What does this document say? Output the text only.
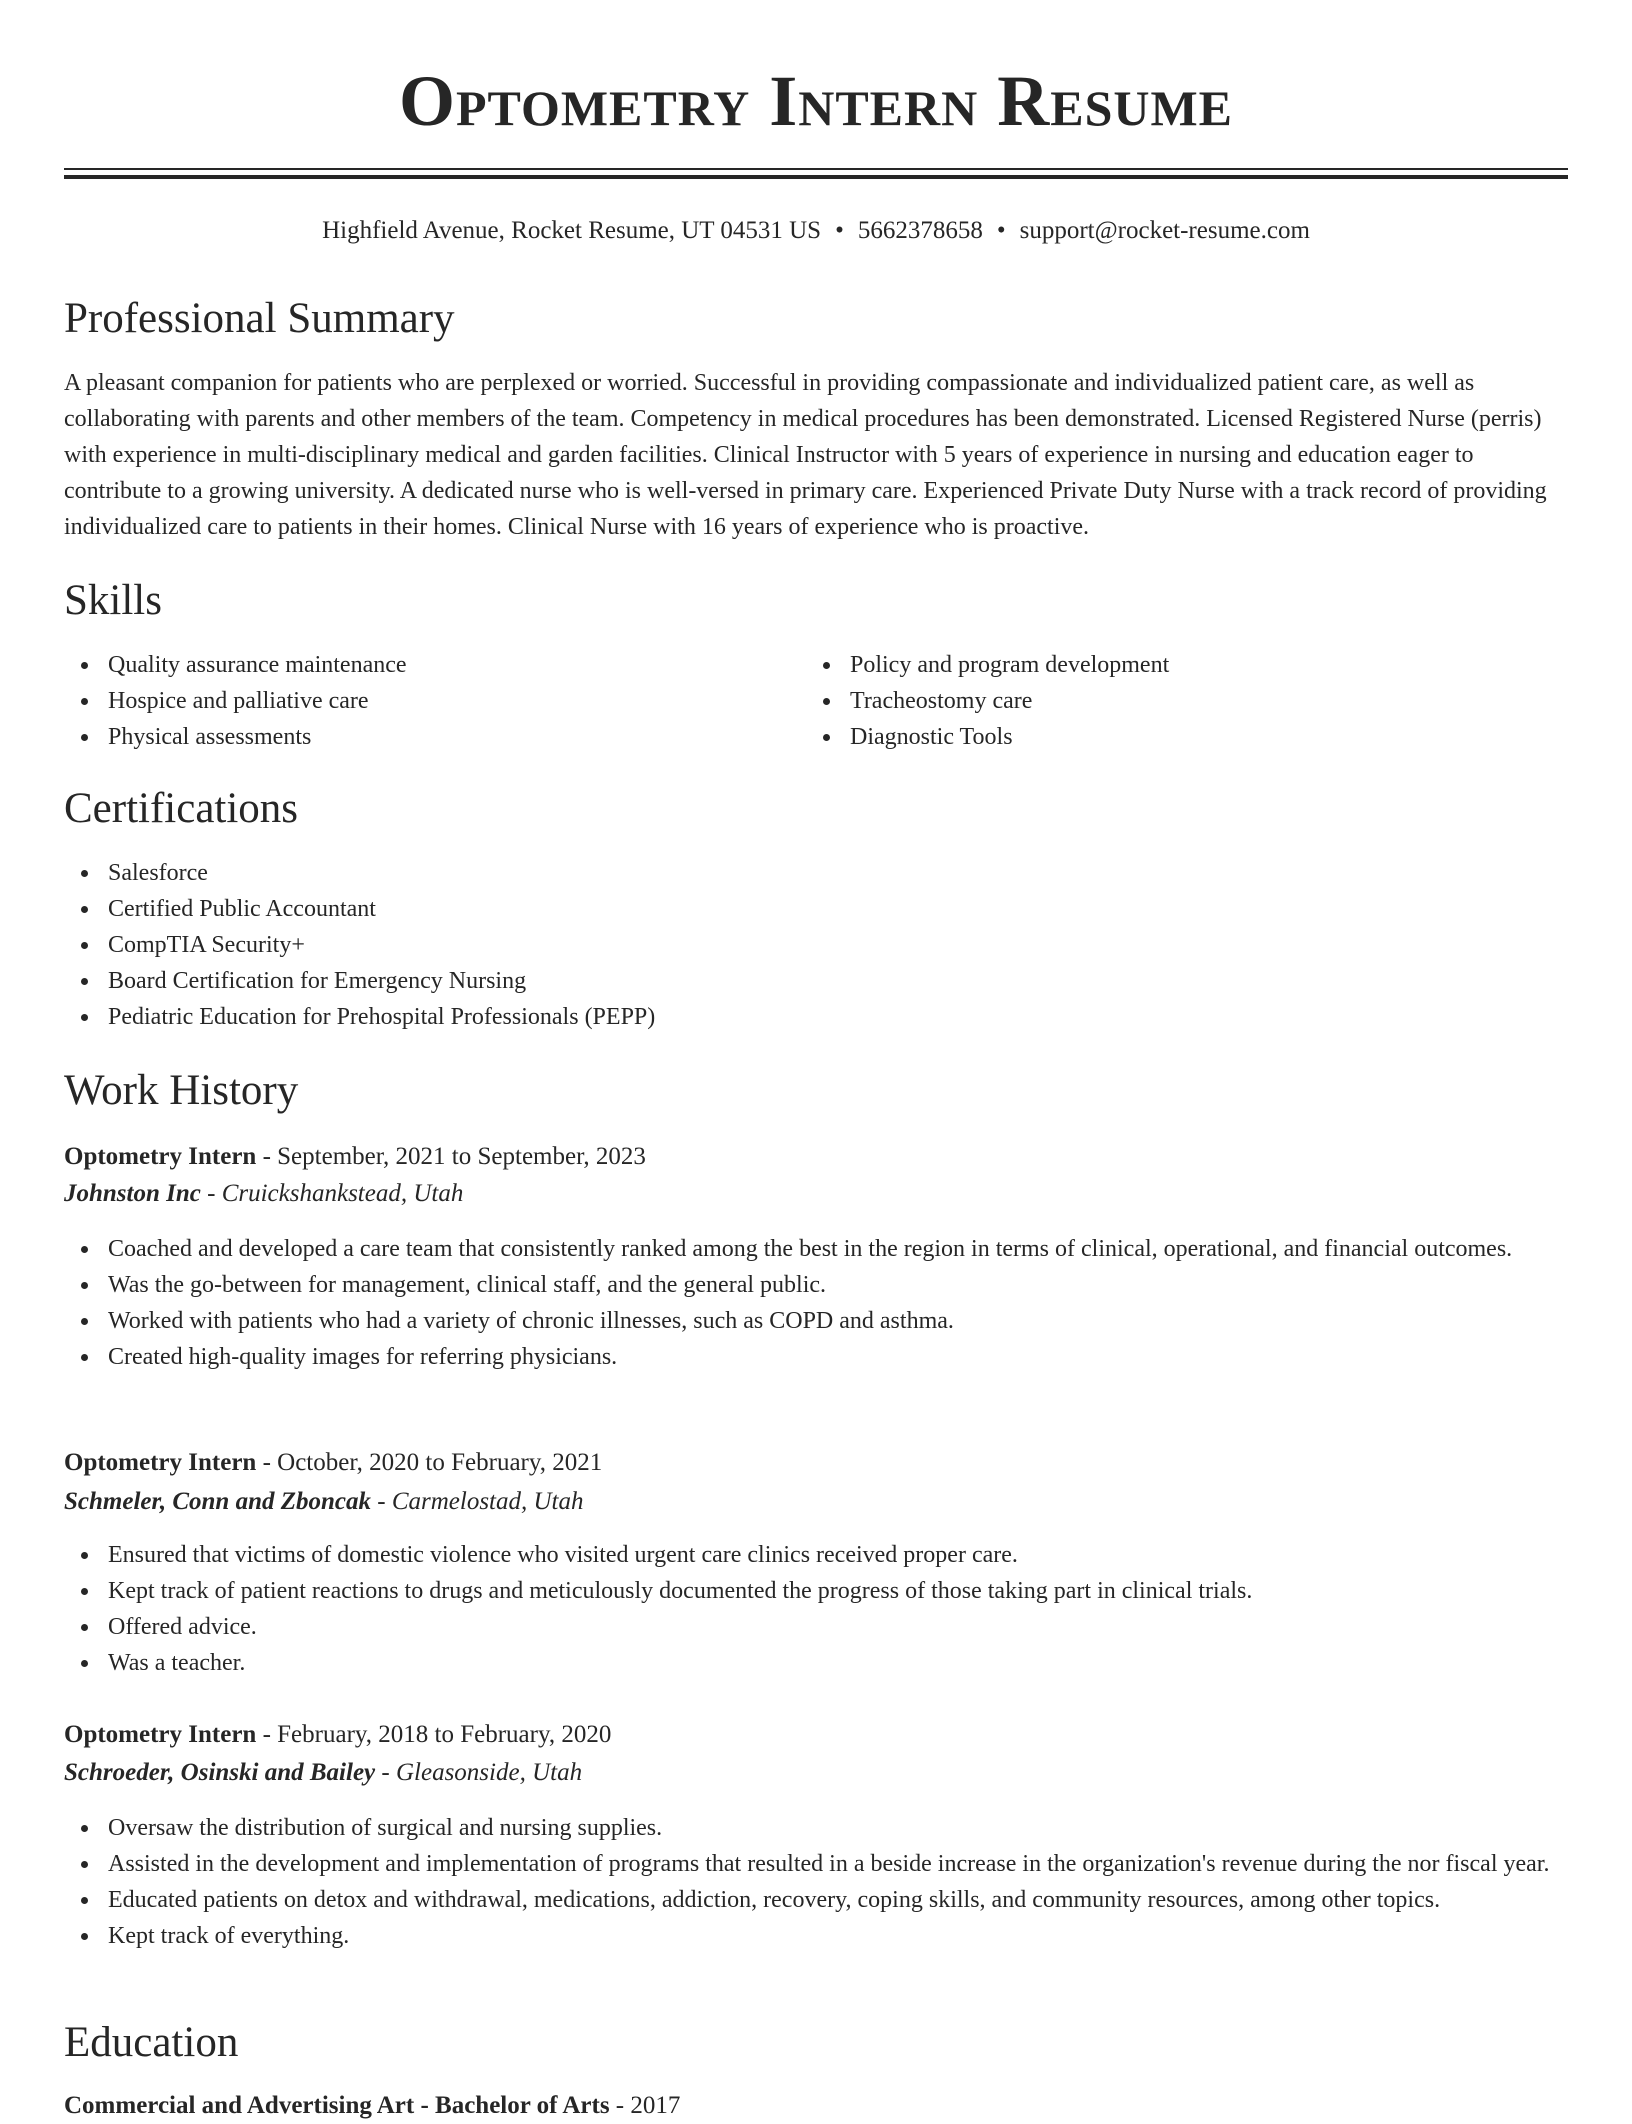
Optometry Intern Resume
Highfield Avenue, Rocket Resume, UT 04531 US • 5662378658 • support@rocket-resume.com
Professional Summary

A pleasant companion for patients who are perplexed or worried. Successful in providing compassionate and individualized patient care, as well as collaborating with parents and other members of the team. Competency in medical procedures has been demonstrated. Licensed Registered Nurse (perris) with experience in multi-disciplinary medical and garden facilities. Clinical Instructor with 5 years of experience in nursing and education eager to contribute to a growing university. A dedicated nurse who is well-versed in primary care. Experienced Private Duty Nurse with a track record of providing individualized care to patients in their homes. Clinical Nurse with 16 years of experience who is proactive.

Skills
Quality assurance maintenance
Hospice and palliative care
Physical assessments
Policy and program development
Tracheostomy care
Diagnostic Tools
Certifications
Salesforce
Certified Public Accountant
CompTIA Security+
Board Certification for Emergency Nursing
Pediatric Education for Prehospital Professionals (PEPP)
Work History
Optometry Intern - September, 2021 to September, 2023
Johnston Inc - Cruickshankstead, Utah
Coached and developed a care team that consistently ranked among the best in the region in terms of clinical, operational, and financial outcomes.
Was the go-between for management, clinical staff, and the general public.
Worked with patients who had a variety of chronic illnesses, such as COPD and asthma.
Created high-quality images for referring physicians.
Optometry Intern - October, 2020 to February, 2021
Schmeler, Conn and Zboncak - Carmelostad, Utah
Ensured that victims of domestic violence who visited urgent care clinics received proper care.
Kept track of patient reactions to drugs and meticulously documented the progress of those taking part in clinical trials.
Offered advice.
Was a teacher.
Optometry Intern - February, 2018 to February, 2020
Schroeder, Osinski and Bailey - Gleasonside, Utah
Oversaw the distribution of surgical and nursing supplies.
Assisted in the development and implementation of programs that resulted in a beside increase in the organization's revenue during the nor fiscal year.
Educated patients on detox and withdrawal, medications, addiction, recovery, coping skills, and community resources, among other topics.
Kept track of everything.
Education
Commercial and Advertising Art - Bachelor of Arts - 2017
